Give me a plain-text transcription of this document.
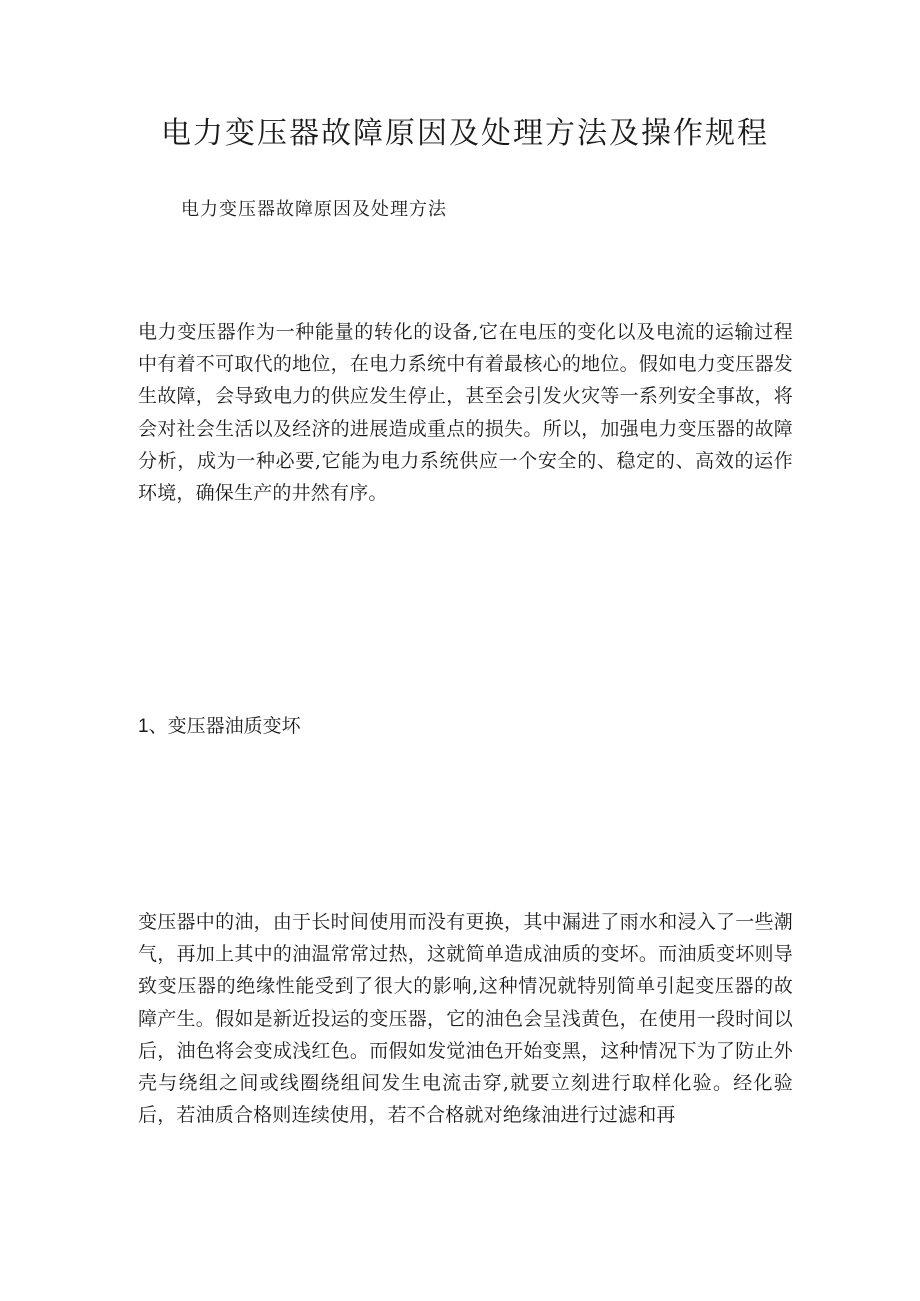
电力变压器故障原因及处理方法及操作规程

电力变压器故障原因及处理方法

电力变压器作为一种能量的转化的设备,它在电压的变化以及电流的运输过程中有着不可取代的地位，在电力系统中有着最核心的地位。假如电力变压器发生故障，会导致电力的供应发生停止，甚至会引发火灾等一系列安全事故，将会对社会生活以及经济的进展造成重点的损失。所以，加强电力变压器的故障分析，成为一种必要,它能为电力系统供应一个安全的、稳定的、高效的运作环境，确保生产的井然有序。

1、变压器油质变坏

变压器中的油，由于长时间使用而没有更换，其中漏进了雨水和浸入了一些潮气，再加上其中的油温常常过热，这就简单造成油质的变坏。而油质变坏则导致变压器的绝缘性能受到了很大的影响,这种情况就特别简单引起变压器的故障产生。假如是新近投运的变压器，它的油色会呈浅黄色，在使用一段时间以后，油色将会变成浅红色。而假如发觉油色开始变黑，这种情况下为了防止外壳与绕组之间或线圈绕组间发生电流击穿,就要立刻进行取样化验。经化验后，若油质合格则连续使用，若不合格就对绝缘油进行过滤和再
